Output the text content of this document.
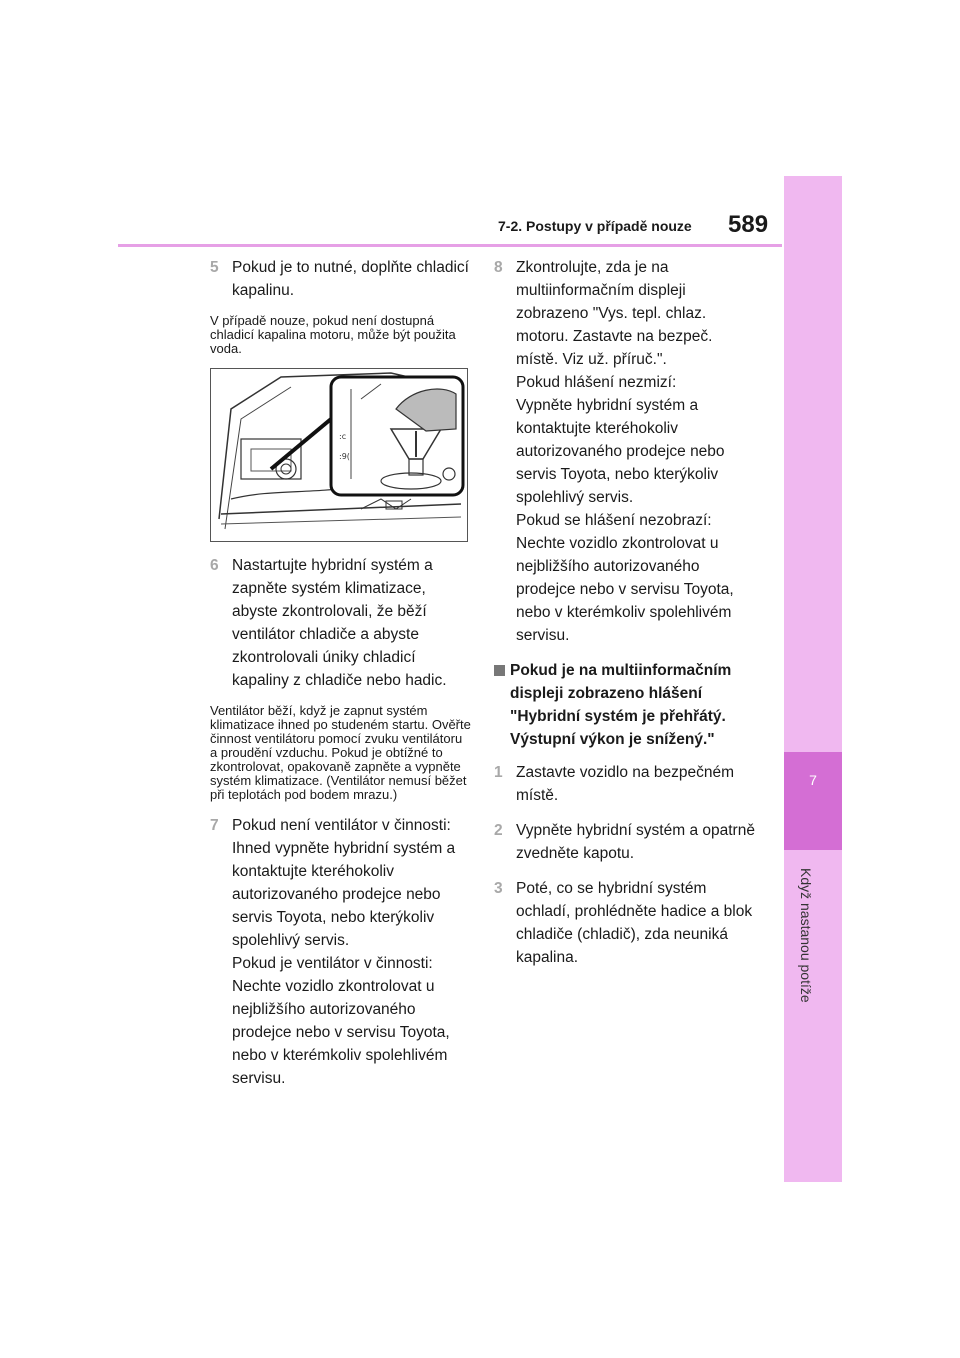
7
Když nastanou potíže
7-2. Postupy v případě nouze 589
5 Pokud je to nutné, doplňte chladicí kapalinu.

V případě nouze, pokud není dostupná chladicí kapalina motoru, může být použita voda.

:c
:9(
6 Nastartujte hybridní systém a zapněte systém klimatizace, abyste zkontrolovali, že běží ventilátor chladiče a abyste zkontrolovali úniky chladicí kapaliny z chladiče nebo hadic.

Ventilátor běží, když je zapnut systém klimatizace ihned po studeném startu. Ověřte činnost ventilátoru pomocí zvuku ventilátoru a proudění vzduchu. Pokud je obtížné to zkontrolovat, opakovaně zapněte a vypněte systém klimatizace. (Ventilátor nemusí běžet při teplotách pod bodem mrazu.)

7 Pokud není ventilátor v činnosti:
Ihned vypněte hybridní systém a kontaktujte kteréhokoliv autorizovaného prodejce nebo servis Toyota, nebo kterýkoliv spolehlivý servis.
Pokud je ventilátor v činnosti:
Nechte vozidlo zkontrolovat u nejbližšího autorizovaného prodejce nebo v servisu Toyota, nebo v kterémkoliv spolehlivém servisu.
8 Zkontrolujte, zda je na multiinformačním displeji zobrazeno "Vys. tepl. chlaz. motoru. Zastavte na bezpeč. místě. Viz už. příruč.".
Pokud hlášení nezmizí:
Vypněte hybridní systém a kontaktujte kteréhokoliv autorizovaného prodejce nebo servis Toyota, nebo kterýkoliv spolehlivý servis.
Pokud se hlášení nezobrazí:
Nechte vozidlo zkontrolovat u nejbližšího autorizovaného prodejce nebo v servisu Toyota, nebo v kterémkoliv spolehlivém servisu.
Pokud je na multiinformačním displeji zobrazeno hlášení "Hybridní systém je přehřátý. Výstupní výkon je snížený."
1 Zastavte vozidlo na bezpečném místě.
2 Vypněte hybridní systém a opatrně zvedněte kapotu.
3 Poté, co se hybridní systém ochladí, prohlédněte hadice a blok chladiče (chladič), zda neuniká kapalina.
